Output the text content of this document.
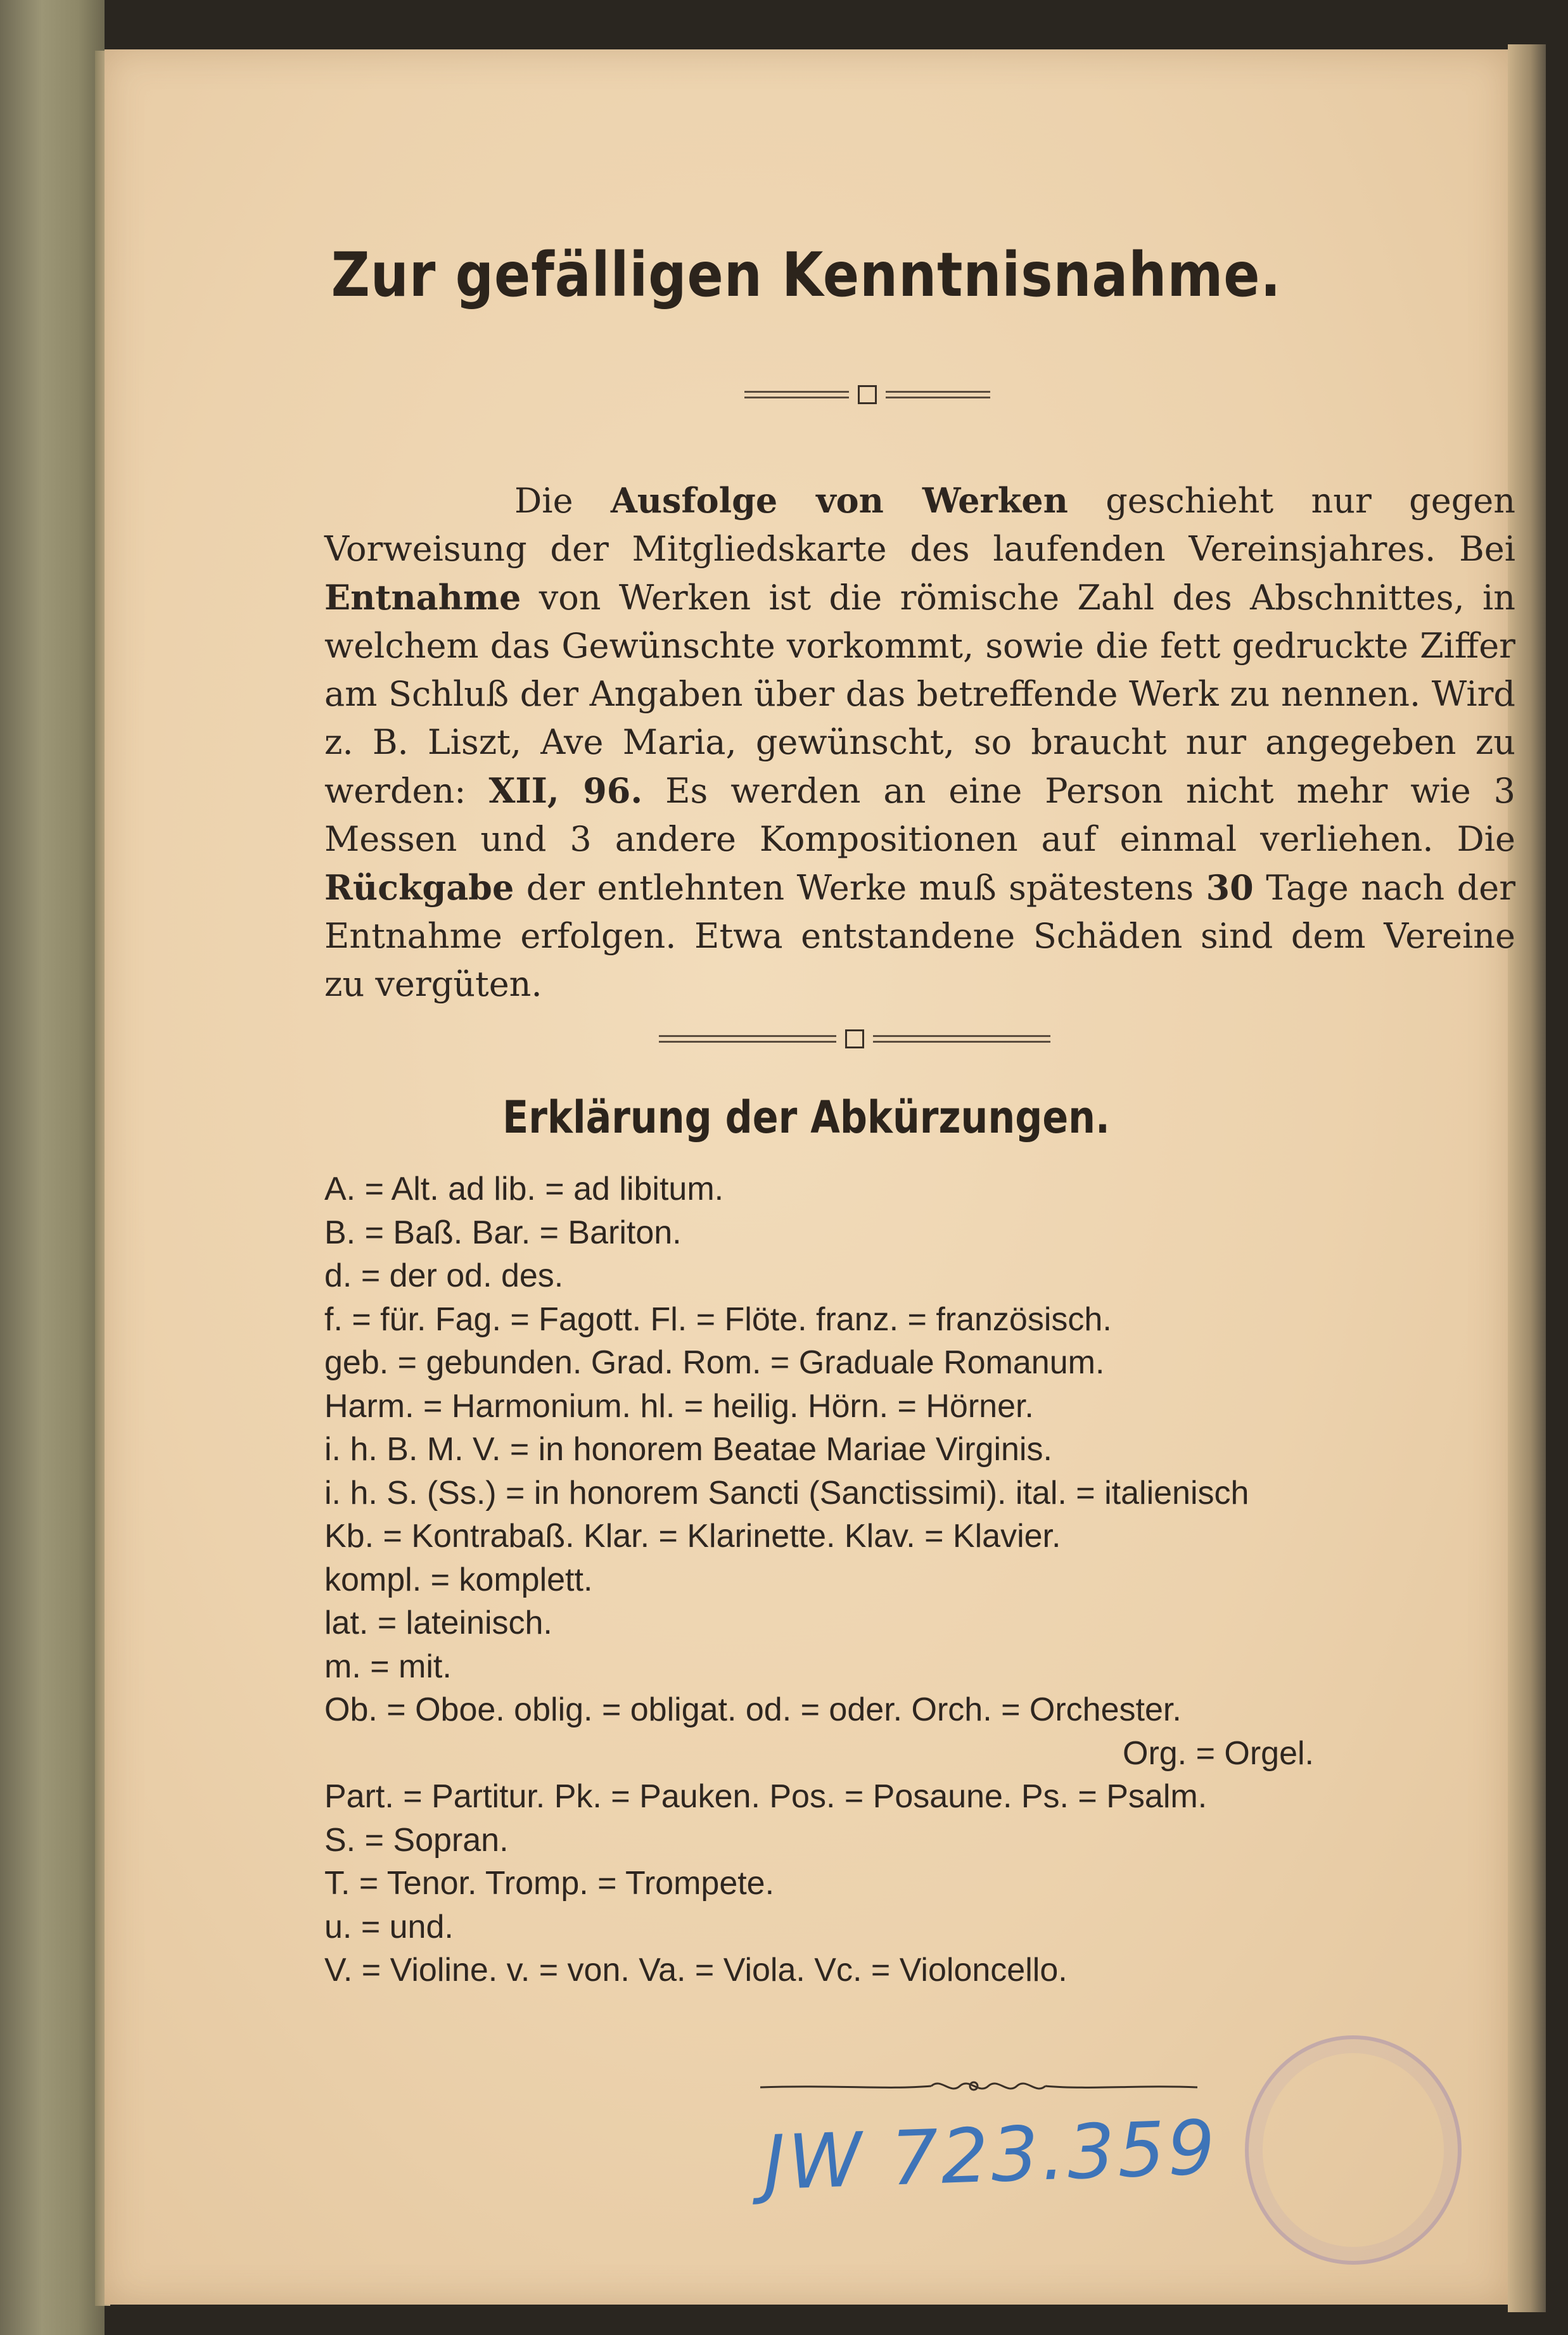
Zur gefälligen Kenntnisnahme.

Die Ausfolge von Werken geschieht nur gegen Vorweisung der Mitgliedskarte des laufenden Vereinsjahres. Bei Entnahme von Werken ist die römische Zahl des Abschnittes, in welchem das Gewünschte vorkommt, sowie die fett gedruckte Ziffer am Schluß der Angaben über das betreffende Werk zu nennen. Wird z. B. Liszt, Ave Maria, gewünscht, so braucht nur angegeben zu werden: XII, 96. Es werden an eine Person nicht mehr wie 3 Messen und 3 andere Kompositionen auf einmal verliehen. Die Rückgabe der entlehnten Werke muß spätestens 30 Tage nach der Entnahme erfolgen. Etwa entstandene Schäden sind dem Vereine zu vergüten.

Erklärung der Abkürzungen.
A. = Alt. ad lib. = ad libitum.
B. = Baß. Bar. = Bariton.
d. = der od. des.
f. = für. Fag. = Fagott. Fl. = Flöte. franz. = französisch.
geb. = gebunden. Grad. Rom. = Graduale Romanum.
Harm. = Harmonium. hl. = heilig. Hörn. = Hörner.
i. h. B. M. V. = in honorem Beatae Mariae Virginis.
i. h. S. (Ss.) = in honorem Sancti (Sanctissimi). ital. = italienisch
Kb. = Kontrabaß. Klar. = Klarinette. Klav. = Klavier.
kompl. = komplett.
lat. = lateinisch.
m. = mit.
Ob. = Oboe. oblig. = obligat. od. = oder. Orch. = Orchester.
Org. = Orgel.
Part. = Partitur. Pk. = Pauken. Pos. = Posaune. Ps. = Psalm.
S. = Sopran.
T. = Tenor. Tromp. = Trompete.
u. = und.
V. = Violine. v. = von. Va. = Viola. Vc. = Violoncello.
JW 723.359
